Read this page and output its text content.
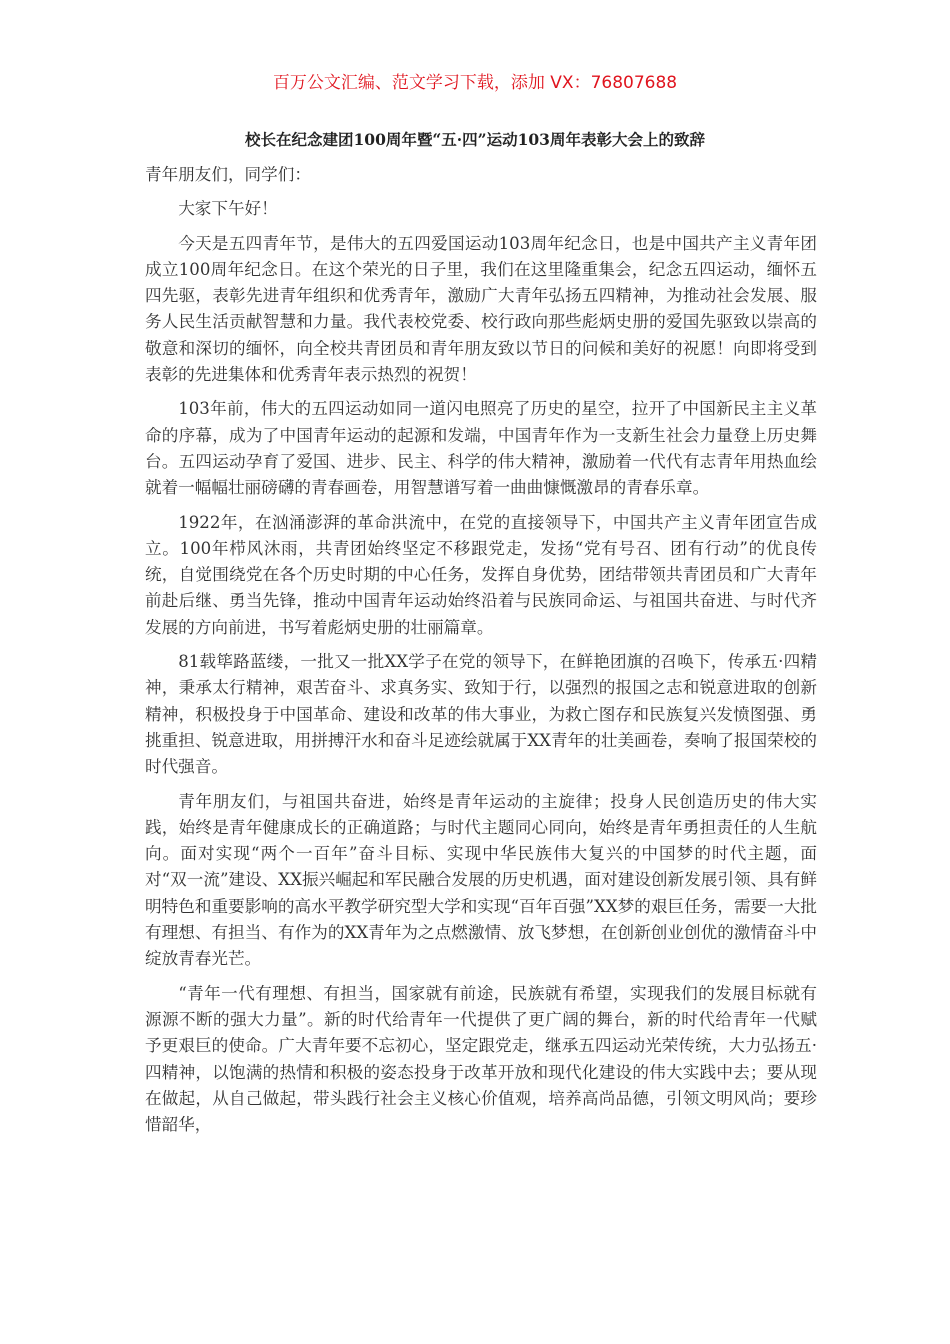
百万公文汇编、范文学习下载，添加 VX：76807688
校长在纪念建团100周年暨“五·四”运动103周年表彰大会上的致辞

青年朋友们，同学们：

大家下午好！

今天是五四青年节，是伟大的五四爱国运动103周年纪念日，也是中国共产主义青年团成立100周年纪念日。在这个荣光的日子里，我们在这里隆重集会，纪念五四运动，缅怀五四先驱，表彰先进青年组织和优秀青年，激励广大青年弘扬五四精神，为推动社会发展、服务人民生活贡献智慧和力量。我代表校党委、校行政向那些彪炳史册的爱国先驱致以崇高的敬意和深切的缅怀，向全校共青团员和青年朋友致以节日的问候和美好的祝愿！向即将受到表彰的先进集体和优秀青年表示热烈的祝贺！

103年前，伟大的五四运动如同一道闪电照亮了历史的星空，拉开了中国新民主主义革命的序幕，成为了中国青年运动的起源和发端，中国青年作为一支新生社会力量登上历史舞台。五四运动孕育了爱国、进步、民主、科学的伟大精神，激励着一代代有志青年用热血绘就着一幅幅壮丽磅礴的青春画卷，用智慧谱写着一曲曲慷慨激昂的青春乐章。

1922年，在汹涌澎湃的革命洪流中，在党的直接领导下，中国共产主义青年团宣告成立。100年栉风沐雨，共青团始终坚定不移跟党走，发扬“党有号召、团有行动”的优良传统，自觉围绕党在各个历史时期的中心任务，发挥自身优势，团结带领共青团员和广大青年前赴后继、勇当先锋，推动中国青年运动始终沿着与民族同命运、与祖国共奋进、与时代齐发展的方向前进，书写着彪炳史册的壮丽篇章。

81载筚路蓝缕，一批又一批XX学子在党的领导下，在鲜艳团旗的召唤下，传承五·四精神，秉承太行精神，艰苦奋斗、求真务实、致知于行，以强烈的报国之志和锐意进取的创新精神，积极投身于中国革命、建设和改革的伟大事业，为救亡图存和民族复兴发愤图强、勇挑重担、锐意进取，用拼搏汗水和奋斗足迹绘就属于XX青年的壮美画卷，奏响了报国荣校的时代强音。

青年朋友们，与祖国共奋进，始终是青年运动的主旋律；投身人民创造历史的伟大实践，始终是青年健康成长的正确道路；与时代主题同心同向，始终是青年勇担责任的人生航向。面对实现“两个一百年”奋斗目标、实现中华民族伟大复兴的中国梦的时代主题，面对“双一流”建设、XX振兴崛起和军民融合发展的历史机遇，面对建设创新发展引领、具有鲜明特色和重要影响的高水平教学研究型大学和实现“百年百强”XX梦的艰巨任务，需要一大批有理想、有担当、有作为的XX青年为之点燃激情、放飞梦想，在创新创业创优的激情奋斗中绽放青春光芒。

“青年一代有理想、有担当，国家就有前途，民族就有希望，实现我们的发展目标就有源源不断的强大力量”。新的时代给青年一代提供了更广阔的舞台，新的时代给青年一代赋予更艰巨的使命。广大青年要不忘初心，坚定跟党走，继承五四运动光荣传统，大力弘扬五·四精神，以饱满的热情和积极的姿态投身于改革开放和现代化建设的伟大实践中去；要从现在做起，从自己做起，带头践行社会主义核心价值观，培养高尚品德，引领文明风尚；要珍惜韶华，
